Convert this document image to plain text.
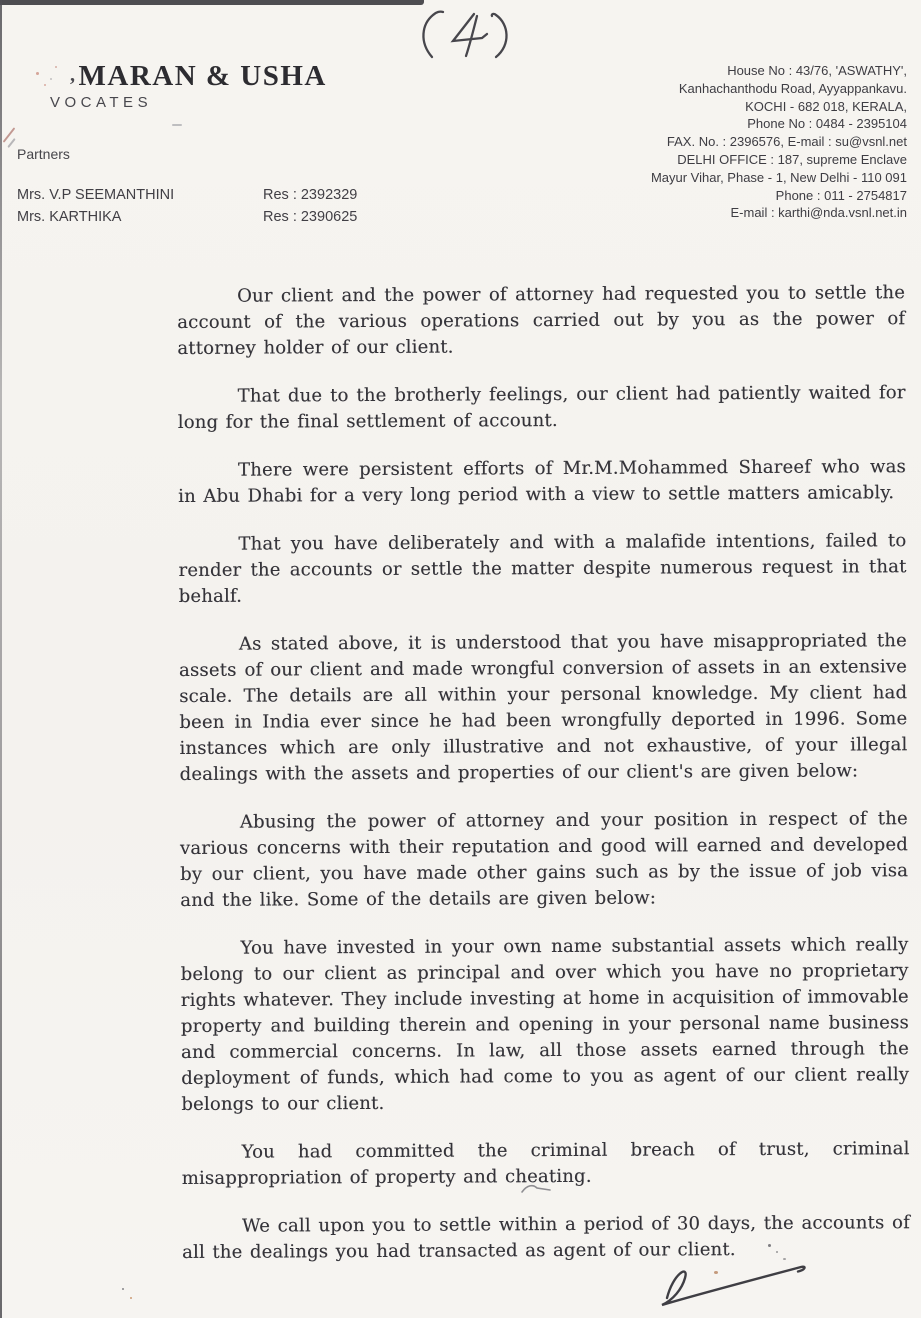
,MARAN & USHA
VOCATES
Partners
Mrs. V.P SEEMANTHINI	Res : 2392329
Mrs. KARTHIKA	Res : 2390625
House No : 43/76, 'ASWATHY',
Kanhachanthodu Road, Ayyappankavu.
KOCHI - 682 018, KERALA,
Phone No : 0484 - 2395104
FAX. No. : 2396576, E-mail : su@vsnl.net
DELHI OFFICE : 187, supreme Enclave
Mayur Vihar, Phase - 1, New Delhi - 110 091
Phone : 011 - 2754817
E-mail : karthi@nda.vsnl.net.in

Our client and the power of attorney had requested you to settle the account of the various operations carried out by you as the power of attorney holder of our client.

That due to the brotherly feelings, our client had patiently waited for long for the final settlement of account.

There were persistent efforts of Mr.M.Mohammed Shareef who was in Abu Dhabi for a very long period with a view to settle matters amicably.

That you have deliberately and with a malafide intentions, failed to render the accounts or settle the matter despite numerous request in that behalf.

As stated above, it is understood that you have misappropriated the assets of our client and made wrongful conversion of assets in an extensive scale. The details are all within your personal knowledge. My client had been in India ever since he had been wrongfully deported in 1996. Some instances which are only illustrative and not exhaustive, of your illegal dealings with the assets and properties of our client's are given below:

Abusing the power of attorney and your position in respect of the various concerns with their reputation and good will earned and developed by our client, you have made other gains such as by the issue of job visa and the like. Some of the details are given below:

You have invested in your own name substantial assets which really belong to our client as principal and over which you have no proprietary rights whatever. They include investing at home in acquisition of immovable property and building therein and opening in your personal name business and commercial concerns. In law, all those assets earned through the deployment of funds, which had come to you as agent of our client really belongs to our client.

You had committed the criminal breach of trust, criminal misappropriation of property and cheating.

We call upon you to settle within a period of 30 days, the accounts of all the dealings you had transacted as agent of our client.
